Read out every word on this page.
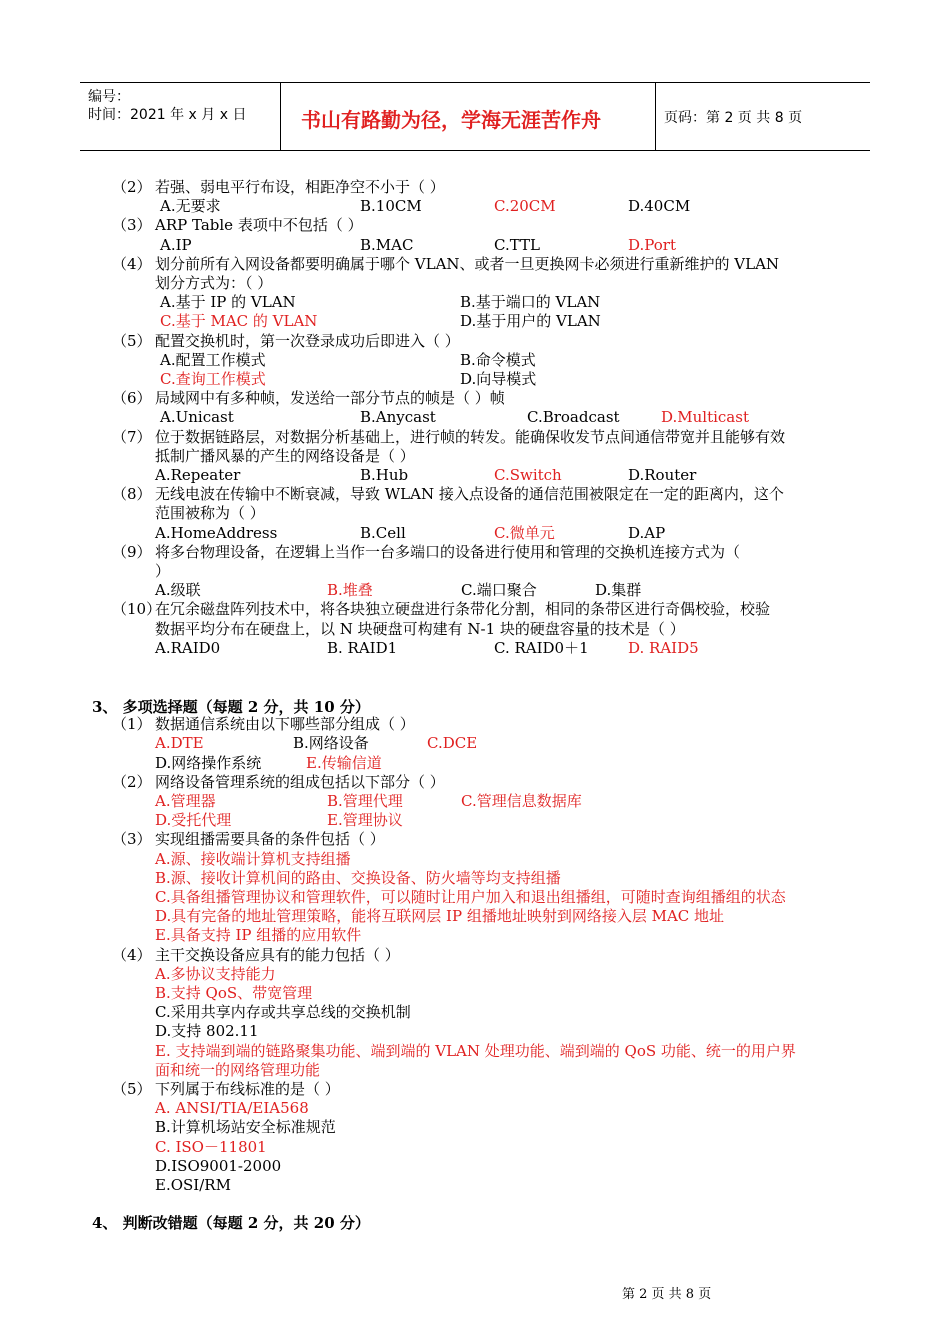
编号：
时间：2021 年 x 月 x 日	书山有路勤为径，学海无涯苦作舟	页码：第 2 页 共 8 页
（2） 若强、弱电平行布设，相距净空不小于（ ）
A.无要求	B.10CM	C.20CM	D.40CM
（3） ARP Table 表项中不包括（ ）
A.IP	B.MAC	C.TTL	D.Port
（4） 划分前所有入网设备都要明确属于哪个 VLAN、或者一旦更换网卡必须进行重新维护的 VLAN
划分方式为：（ ）
A.基于 IP 的 VLAN	B.基于端口的 VLAN
C.基于 MAC 的 VLAN	D.基于用户的 VLAN
（5） 配置交换机时，第一次登录成功后即进入（ ）
A.配置工作模式	B.命令模式
C.查询工作模式	D.向导模式
（6） 局域网中有多种帧，发送给一部分节点的帧是（ ）帧
A.Unicast	B.Anycast	C.Broadcast	D.Multicast
（7） 位于数据链路层，对数据分析基础上，进行帧的转发。能确保收发节点间通信带宽并且能够有效
抵制广播风暴的产生的网络设备是（ ）
A.Repeater	B.Hub	C.Switch	D.Router
（8） 无线电波在传输中不断衰减，导致 WLAN 接入点设备的通信范围被限定在一定的距离内，这个
范围被称为（ ）
A.HomeAddress	B.Cell	C.微单元	D.AP
（9） 将多台物理设备，在逻辑上当作一台多端口的设备进行使用和管理的交换机连接方式为（
）
A.级联	B.堆叠	C.端口聚合	D.集群
（10）
在冗余磁盘阵列技术中，将各块独立硬盘进行条带化分割，相同的条带区进行奇偶校验，校验
数据平均分布在硬盘上，以 N 块硬盘可构建有 N-1 块的硬盘容量的技术是（ ）
A.RAID0	B. RAID1	C. RAID0＋1	D. RAID5
3、 多项选择题（每题 2 分，共 10 分）
（1） 数据通信系统由以下哪些部分组成（ ）
A.DTE	B.网络设备	C.DCE
D.网络操作系统	E.传输信道
（2） 网络设备管理系统的组成包括以下部分（ ）
A.管理器	B.管理代理	C.管理信息数据库
D.受托代理	E.管理协议
（3） 实现组播需要具备的条件包括（ ）
A.源、接收端计算机支持组播
B.源、接收计算机间的路由、交换设备、防火墙等均支持组播
C.具备组播管理协议和管理软件，可以随时让用户加入和退出组播组，可随时查询组播组的状态
D.具有完备的地址管理策略，能将互联网层 IP 组播地址映射到网络接入层 MAC 地址
E.具备支持 IP 组播的应用软件
（4） 主干交换设备应具有的能力包括（ ）
A.多协议支持能力
B.支持 QoS、带宽管理
C.采用共享内存或共享总线的交换机制
D.支持 802.11
E. 支持端到端的链路聚集功能、端到端的 VLAN 处理功能、端到端的 QoS 功能、统一的用户界
面和统一的网络管理功能
（5） 下列属于布线标准的是（ ）
A. ANSI/TIA/EIA568
B.计算机场站安全标准规范
C. ISO－11801
D.ISO9001-2000
E.OSI/RM
4、 判断改错题（每题 2 分，共 20 分）
第 2 页 共 8 页
